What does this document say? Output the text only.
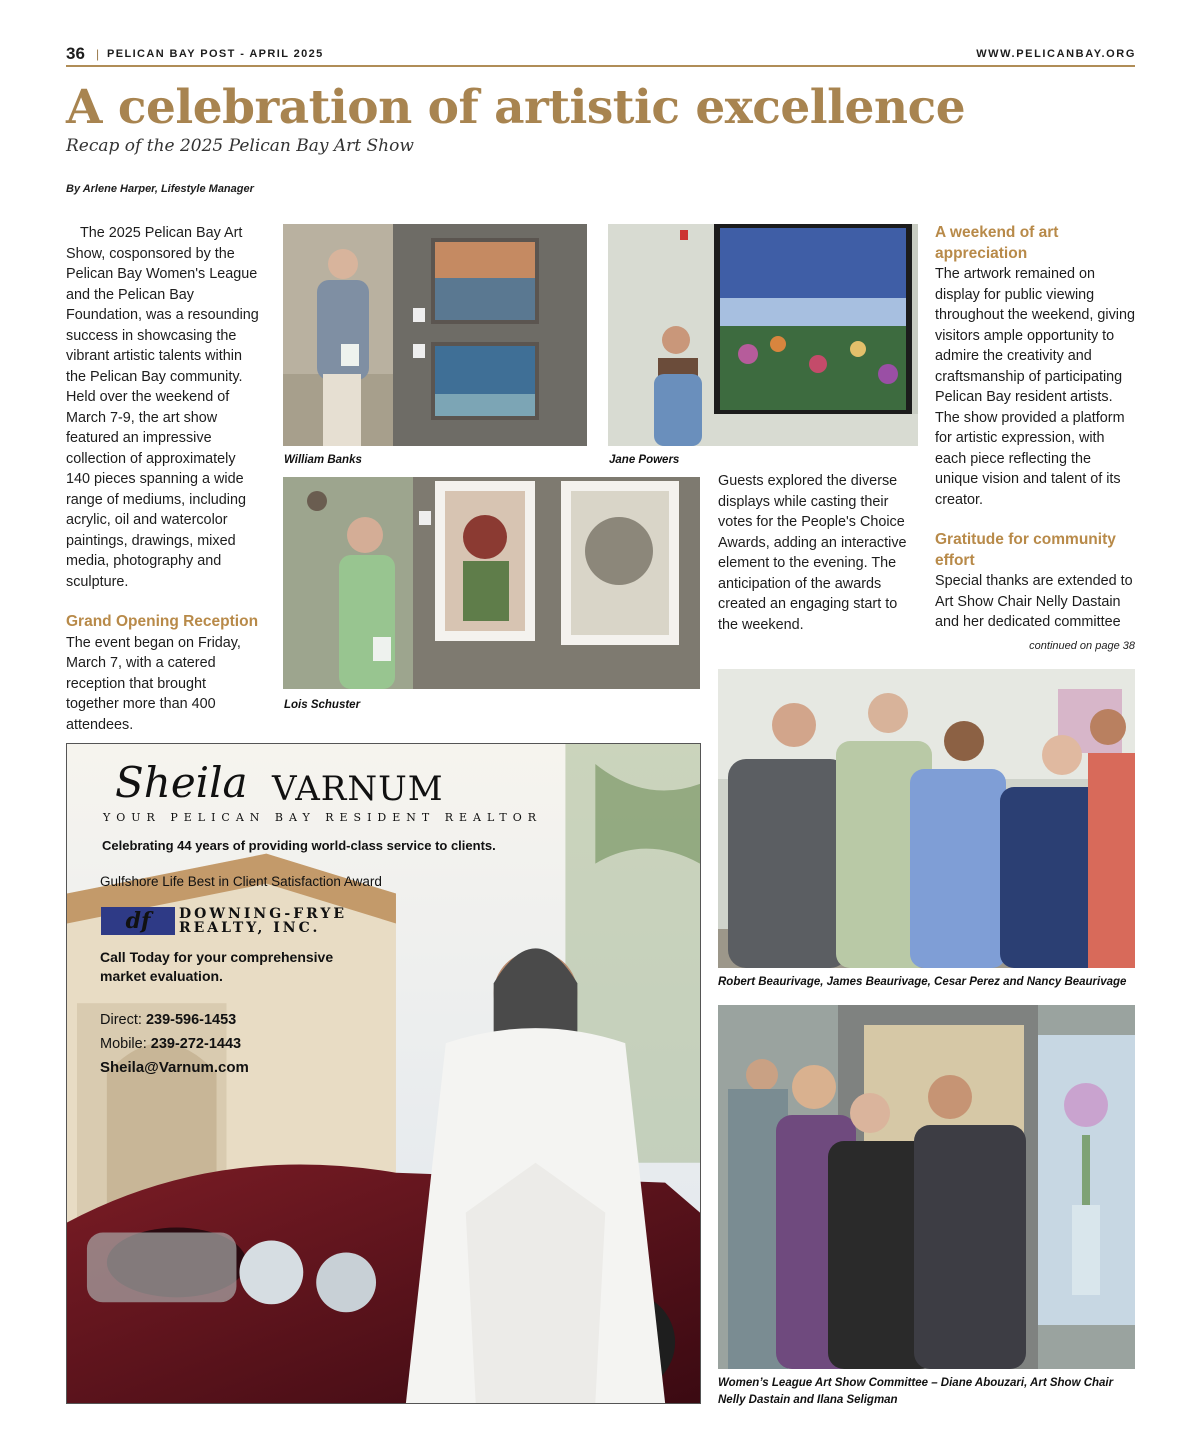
36 | PELICAN BAY POST - APRIL 2025	WWW.PELICANBAY.ORG
A celebration of artistic excellence
Recap of the 2025 Pelican Bay Art Show
By Arlene Harper, Lifestyle Manager

The 2025 Pelican Bay Art Show, cosponsored by the Pelican Bay Women's League and the Pelican Bay Foundation, was a resounding success in showcasing the vibrant artistic talents within the Pelican Bay community. Held over the weekend of March 7-9, the art show featured an impressive collection of approximately 140 pieces spanning a wide range of mediums, including acrylic, oil and watercolor paintings, drawings, mixed media, photography and sculpture.

Grand Opening Reception

The event began on Friday, March 7, with a catered reception that brought together more than 400 attendees.

William Banks	Jane Powers
Lois Schuster

Guests explored the diverse displays while casting their votes for the People's Choice Awards, adding an interactive element to the evening. The anticipation of the awards created an engaging start to the weekend.

A weekend of art appreciation

The artwork remained on display for public viewing throughout the weekend, giving visitors ample opportunity to admire the creativity and craftsmanship of participating Pelican Bay resident artists. The show provided a platform for artistic expression, with each piece reflecting the unique vision and talent of its creator.

Gratitude for community effort

Special thanks are extended to Art Show Chair Nelly Dastain and her dedicated committee

continued on page 38
Robert Beaurivage, James Beaurivage, Cesar Perez and Nancy Beaurivage
Women’s League Art Show Committee – Diane Abouzari, Art Show Chair Nelly Dastain and Ilana Seligman
Sheila VARNUM
YOUR PELICAN BAY RESIDENT REALTOR
Celebrating 44 years of providing world-class service to clients.
Gulfshore Life Best in Client Satisfaction Award
df	DOWNING-FRYE
REALTY, INC.
Call Today for your comprehensive market evaluation.
Direct: 239-596-1453
Mobile: 239-272-1443
Sheila@Varnum.com
